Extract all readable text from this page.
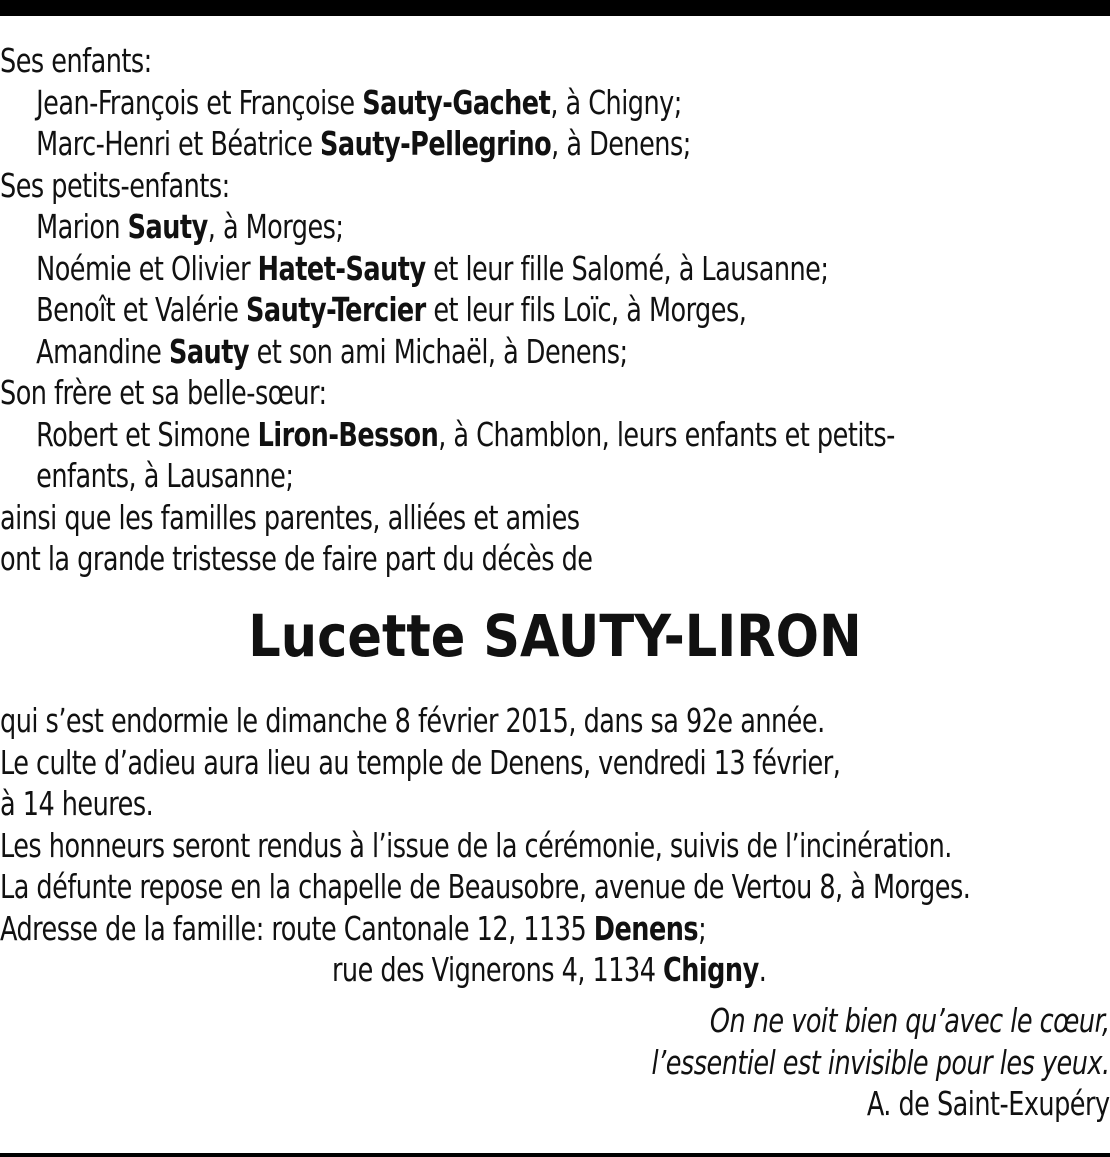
Ses enfants:
Jean-François et Françoise Sauty-Gachet, à Chigny;
Marc-Henri et Béatrice Sauty-Pellegrino, à Denens;
Ses petits-enfants:
Marion Sauty, à Morges;
Noémie et Olivier Hatet-Sauty et leur fille Salomé, à Lausanne;
Benoît et Valérie Sauty-Tercier et leur fils Loïc, à Morges,
Amandine Sauty et son ami Michaël, à Denens;
Son frère et sa belle-sœur:
Robert et Simone Liron-Besson, à Chamblon, leurs enfants et petits-
enfants, à Lausanne;
ainsi que les familles parentes, alliées et amies
ont la grande tristesse de faire part du décès de
Lucette SAUTY-LIRON
qui s’est endormie le dimanche 8 février 2015, dans sa 92e année.
Le culte d’adieu aura lieu au temple de Denens, vendredi 13 février,
à 14 heures.
Les honneurs seront rendus à l’issue de la cérémonie, suivis de l’incinération.
La défunte repose en la chapelle de Beausobre, avenue de Vertou 8, à Morges.
Adresse de la famille: route Cantonale 12, 1135 Denens;
rue des Vignerons 4, 1134 Chigny.
On ne voit bien qu’avec le cœur,
l’essentiel est invisible pour les yeux.
A. de Saint-Exupéry
